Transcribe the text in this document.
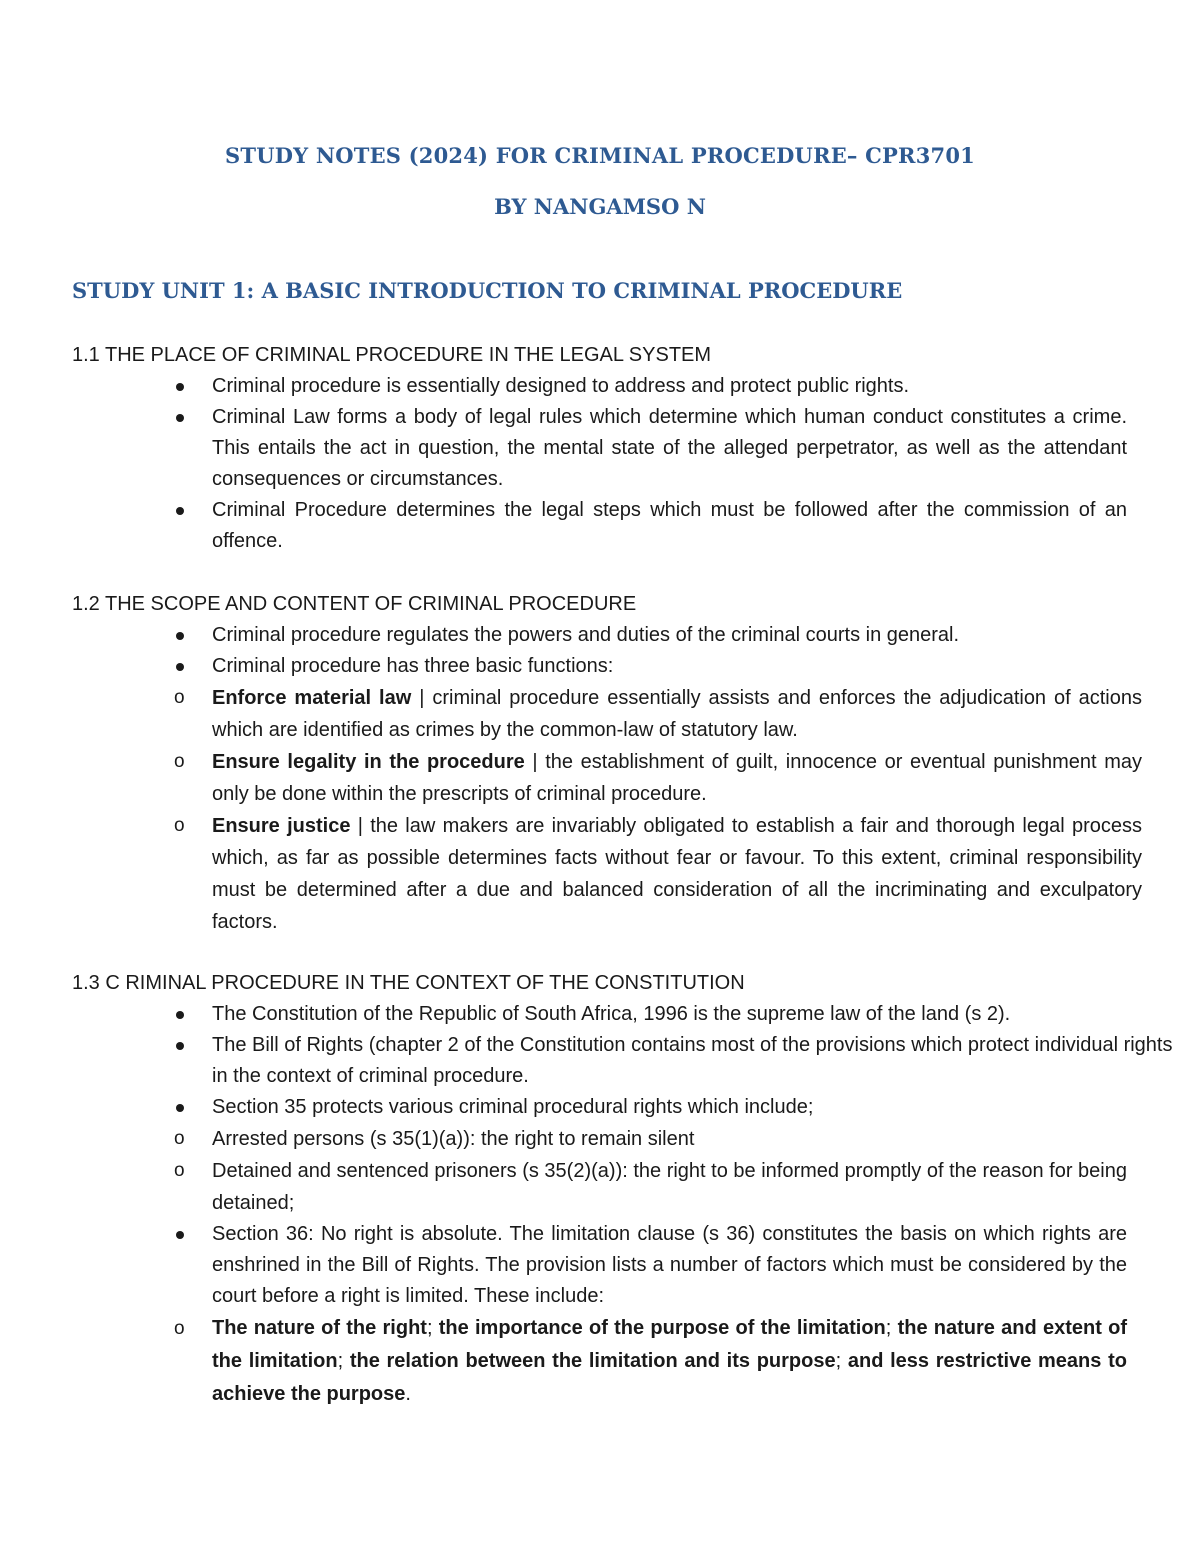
STUDY NOTES (2024) FOR CRIMINAL PROCEDURE– CPR3701
BY NANGAMSO N
STUDY UNIT 1: A BASIC INTRODUCTION TO CRIMINAL PROCEDURE

1.1 THE PLACE OF CRIMINAL PROCEDURE IN THE LEGAL SYSTEM

Criminal procedure is essentially designed to address and protect public rights.
Criminal Law forms a body of legal rules which determine which human conduct constitutes a crime. This entails the act in question, the mental state of the alleged perpetrator, as well as the attendant consequences or circumstances.
Criminal Procedure determines the legal steps which must be followed after the commission of an offence.

1.2 THE SCOPE AND CONTENT OF CRIMINAL PROCEDURE

Criminal procedure regulates the powers and duties of the criminal courts in general.
Criminal procedure has three basic functions:
o	Enforce material law | criminal procedure essentially assists and enforces the adjudication of actions which are identified as crimes by the common-law of statutory law.
o	Ensure legality in the procedure | the establishment of guilt, innocence or eventual punishment may only be done within the prescripts of criminal procedure.
o	Ensure justice | the law makers are invariably obligated to establish a fair and thorough legal process which, as far as possible determines facts without fear or favour. To this extent, criminal responsibility must be determined after a due and balanced consideration of all the incriminating and exculpatory factors.

1.3 C RIMINAL PROCEDURE IN THE CONTEXT OF THE CONSTITUTION

The Constitution of the Republic of South Africa, 1996 is the supreme law of the land (s 2).
The Bill of Rights (chapter 2 of the Constitution contains most of the provisions which protect individual rights in the context of criminal procedure.
Section 35 protects various criminal procedural rights which include;
o	Arrested persons (s 35(1)(a)): the right to remain silent
o	Detained and sentenced prisoners (s 35(2)(a)): the right to be informed promptly of the reason for being detained;
Section 36: No right is absolute. The limitation clause (s 36) constitutes the basis on which rights are enshrined in the Bill of Rights. The provision lists a number of factors which must be considered by the court before a right is limited. These include:
o	The nature of the right; the importance of the purpose of the limitation; the nature and extent of the limitation; the relation between the limitation and its purpose; and less restrictive means to achieve the purpose.
